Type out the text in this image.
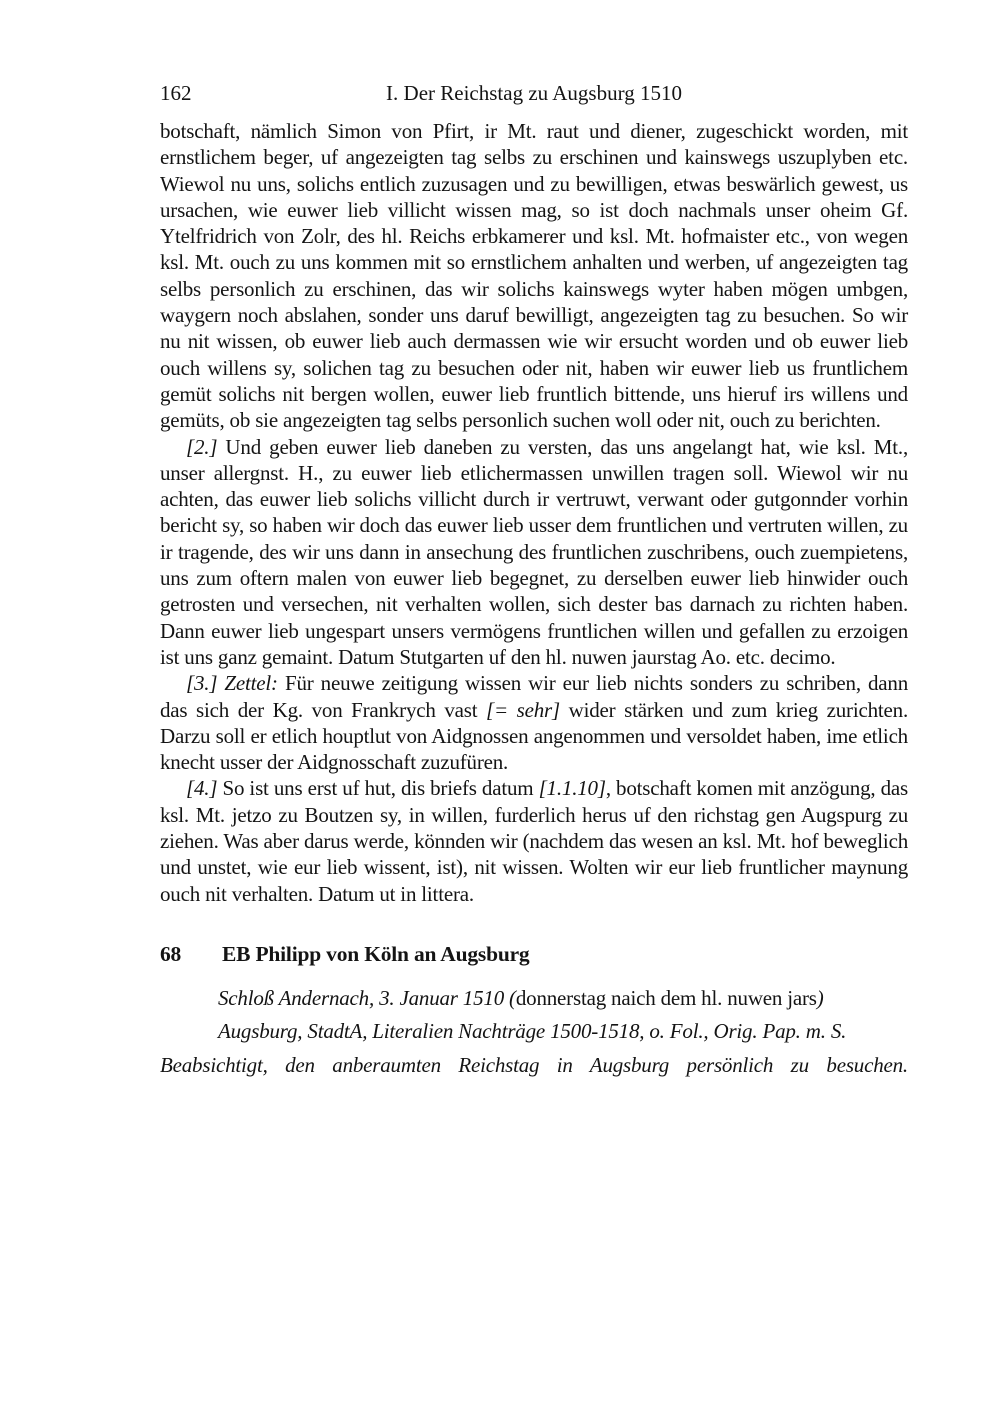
162	I. Der Reichstag zu Augsburg 1510

botschaft, nämlich Simon von Pfirt, ir Mt. raut und diener, zugeschickt worden, mit ernstlichem beger, uf angezeigten tag selbs zu erschinen und kainswegs uszuplyben etc. Wiewol nu uns, solichs entlich zuzusagen und zu bewilligen, etwas beswärlich gewest, us ursachen, wie euwer lieb villicht wissen mag, so ist doch nachmals unser oheim Gf. Ytelfridrich von Zolr, des hl. Reichs erbkamerer und ksl. Mt. hofmaister etc., von wegen ksl. Mt. ouch zu uns kommen mit so ernstlichem anhalten und werben, uf angezeigten tag selbs personlich zu erschinen, das wir solichs kainswegs wyter haben mögen umbgen, waygern noch abslahen, sonder uns daruf bewilligt, angezeigten tag zu besuchen. So wir nu nit wissen, ob euwer lieb auch dermassen wie wir ersucht worden und ob euwer lieb ouch willens sy, solichen tag zu besuchen oder nit, haben wir euwer lieb us fruntlichem gemüt solichs nit bergen wollen, euwer lieb fruntlich bittende, uns hieruf irs willens und gemüts, ob sie angezeigten tag selbs personlich suchen woll oder nit, ouch zu berichten.

[2.] Und geben euwer lieb daneben zu versten, das uns angelangt hat, wie ksl. Mt., unser allergnst. H., zu euwer lieb etlichermassen unwillen tragen soll. Wiewol wir nu achten, das euwer lieb solichs villicht durch ir vertruwt, verwant oder gutgonnder vorhin bericht sy, so haben wir doch das euwer lieb usser dem fruntlichen und vertruten willen, zu ir tragende, des wir uns dann in ansechung des fruntlichen zuschribens, ouch zuempietens, uns zum oftern malen von euwer lieb begegnet, zu derselben euwer lieb hinwider ouch getrosten und versechen, nit verhalten wollen, sich dester bas darnach zu richten haben. Dann euwer lieb ungespart unsers vermögens fruntlichen willen und gefallen zu erzoigen ist uns ganz gemaint. Datum Stutgarten uf den hl. nuwen jaurstag Ao. etc. decimo.

[3.] Zettel: Für neuwe zeitigung wissen wir eur lieb nichts sonders zu schriben, dann das sich der Kg. von Frankrych vast [= sehr] wider stärken und zum krieg zurichten. Darzu soll er etlich houptlut von Aidgnossen angenommen und versoldet haben, ime etlich knecht usser der Aidgnosschaft zuzufüren.

[4.] So ist uns erst uf hut, dis briefs datum [1.1.10], botschaft komen mit anzögung, das ksl. Mt. jetzo zu Boutzen sy, in willen, furderlich herus uf den richstag gen Augspurg zu ziehen. Was aber darus werde, könnden wir (nachdem das wesen an ksl. Mt. hof beweglich und unstet, wie eur lieb wissent, ist), nit wissen. Wolten wir eur lieb fruntlicher maynung ouch nit verhalten. Datum ut in littera.

68	EB Philipp von Köln an Augsburg

Schloß Andernach, 3. Januar 1510 (donnerstag naich dem hl. nuwen jars)

Augsburg, StadtA, Literalien Nachträge 1500-1518, o. Fol., Orig. Pap. m. S.

Beabsichtigt, den anberaumten Reichstag in Augsburg persönlich zu besuchen.
